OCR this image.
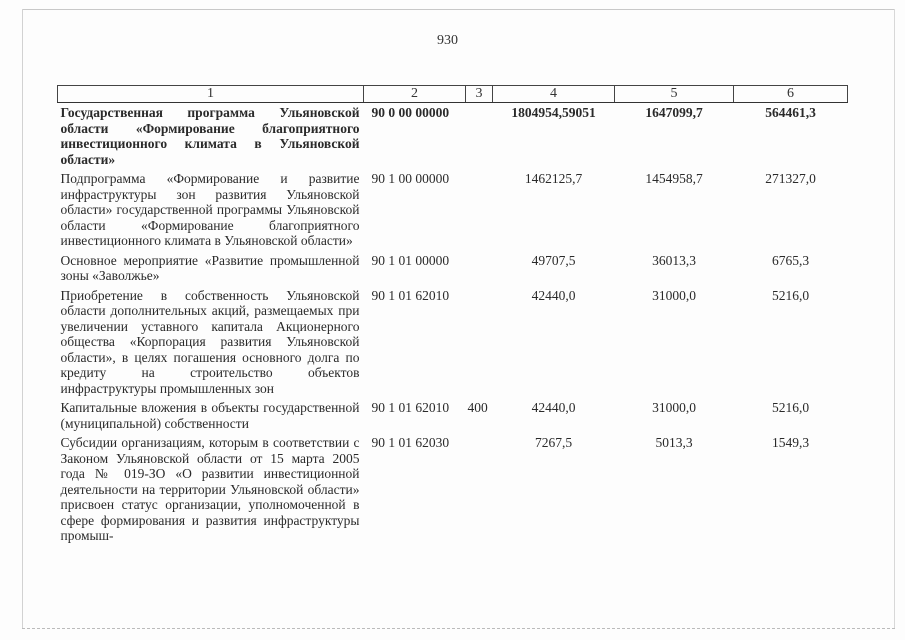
930
1	2	3	4	5	6
Государственная программа Ульяновской области «Формирование благоприятного инвестиционного климата в Ульяновской области»	90 0 00 00000		1804954,59051	1647099,7	564461,3
Подпрограмма «Формирование и развитие инфраструктуры зон развития Ульяновской области» государственной программы Ульяновской области «Формирование благоприятного инвестиционного климата в Ульяновской области»	90 1 00 00000		1462125,7	1454958,7	271327,0
Основное мероприятие «Развитие промышленной зоны «Заволжье»	90 1 01 00000		49707,5	36013,3	6765,3
Приобретение в собственность Ульяновской области дополнительных акций, размещаемых при увеличении уставного капитала Акционерного общества «Корпорация развития Ульяновской области», в целях погашения основного долга по кредиту на строительство объектов инфраструктуры промышленных зон	90 1 01 62010		42440,0	31000,0	5216,0
Капитальные вложения в объекты государственной (муниципальной) собственности	90 1 01 62010	400	42440,0	31000,0	5216,0
Субсидии организациям, которым в соответствии с Законом Ульяновской области от 15 марта 2005 года № 019-ЗО «О развитии инвестиционной деятельности на территории Ульяновской области» присвоен статус организации, уполномоченной в сфере формирования и развития инфраструктуры промыш-	90 1 01 62030		7267,5	5013,3	1549,3
